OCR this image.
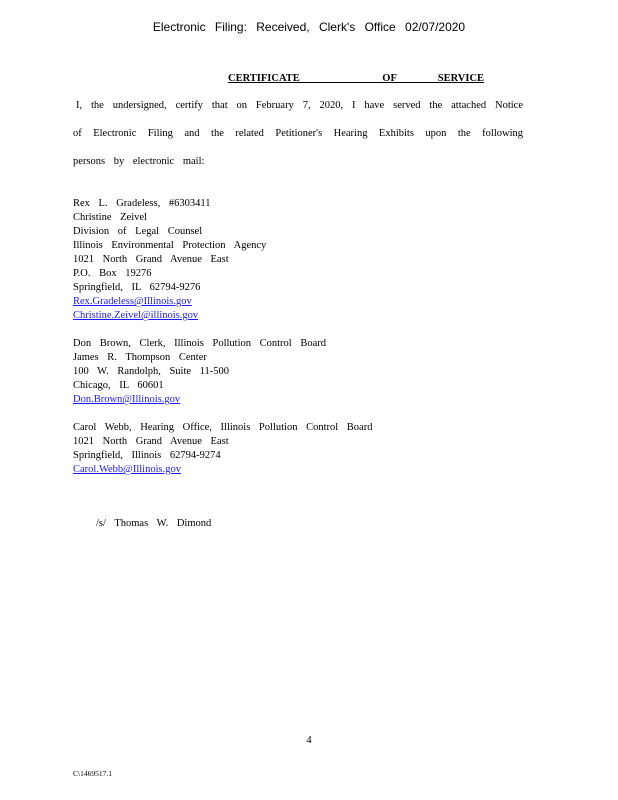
Electronic Filing: Received, Clerk's Office 02/07/2020
CERTIFICATE    OF  SERVICE
I, the undersigned, certify that on February 7, 2020, I have served the attached Notice of Electronic Filing and the related Petitioner's Hearing Exhibits upon the following persons by electronic mail:
Rex L. Gradeless, #6303411
Christine Zeivel
Division of Legal Counsel
Illinois Environmental Protection Agency
1021 North Grand Avenue East
P.O. Box 19276
Springfield, IL 62794-9276
Rex.Gradeless@Illinois.gov
Christine.Zeivel@illinois.gov
Don Brown, Clerk, Illinois Pollution Control Board
James R. Thompson Center
100 W. Randolph, Suite 11-500
Chicago, IL 60601
Don.Brown@Illinois.gov
Carol Webb, Hearing Office, Illinois Pollution Control Board
1021 North Grand Avenue East
Springfield, Illinois 62794-9274
Carol.Webb@Illinois.gov
/s/ Thomas W. Dimond
4
C\1469517.1
